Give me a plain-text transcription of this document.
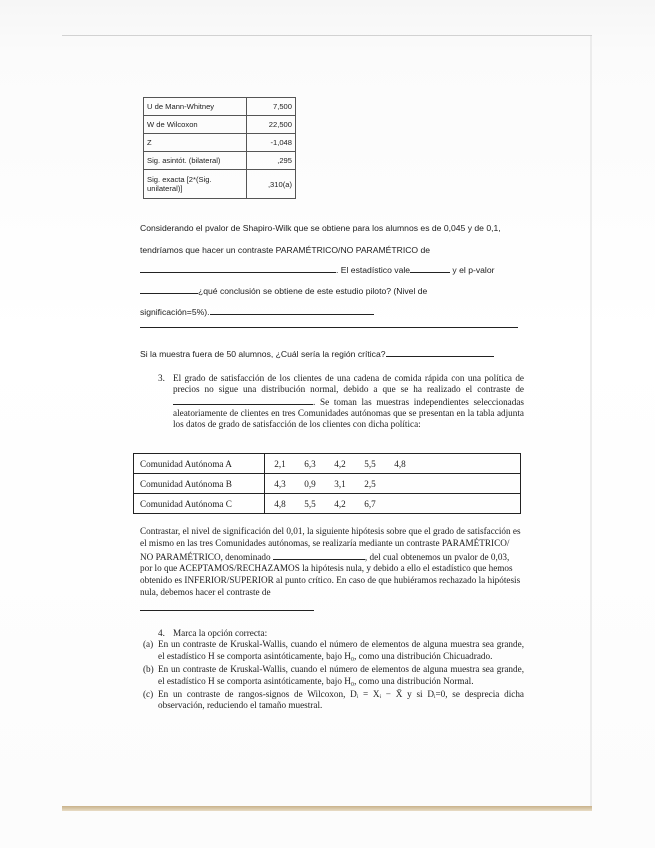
U de Mann-Whitney	7,500
W de Wilcoxon	22,500
Z	-1,048
Sig. asintót. (bilateral)	,295
Sig. exacta [2*(Sig. unilateral)]	,310(a)

Considerando el pvalor de Shapiro-Wilk que se obtiene para los alumnos es de 0,045 y de 0,1,

tendríamos que hacer un contraste PARAMÉTRICO/NO PARAMÉTRICO de

. El estadístico vale	y el p-valor

¿qué conclusión se obtiene de este estudio piloto? (Nivel de

significación=5%).

Si la muestra fuera de 50 alumnos, ¿Cuál sería la región crítica?

3. El grado de satisfacción de los clientes de una cadena de comida rápida con una política de precios no sigue una distribución normal, debido a que se ha realizado el contraste de . Se toman las muestras independientes seleccionadas aleatoriamente de clientes en tres Comunidades autónomas que se presentan en la tabla adjunta los datos de grado de satisfacción de los clientes con dicha política:
Comunidad Autónoma A	2,1	6,3	4,2	5,5	4,8	
Comunidad Autónoma B	4,3	0,9	3,1	2,5		
Comunidad Autónoma C	4,8	5,5	4,2	6,7		
Contrastar, el nivel de significación del 0,01, la siguiente hipótesis sobre que el grado de satisfacción es el mismo en las tres Comunidades autónomas, se realizaría mediante un contraste PARAMÉTRICO/ NO PARAMÉTRICO, denominado	, del cual obtenemos un pvalor de 0,03, por lo que ACEPTAMOS/RECHAZAMOS la hipótesis nula, y debido a ello el estadístico que hemos obtenido es INFERIOR/SUPERIOR al punto crítico. En caso de que hubiéramos rechazado la hipótesis nula, debemos hacer el contraste de
4. Marca la opción correcta:
(a) En un contraste de Kruskal-Wallis, cuando el número de elementos de alguna muestra sea grande, el estadístico H se comporta asintóticamente, bajo H₀, como una distribución Chicuadrado.
(b) En un contraste de Kruskal-Wallis, cuando el número de elementos de alguna muestra sea grande, el estadístico H se comporta asintóticamente, bajo H₀, como una distribución Normal.
(c) En un contraste de rangos-signos de Wilcoxon, Dᵢ = Xᵢ − X̄ y si Dᵢ=0, se desprecia dicha observación, reduciendo el tamaño muestral.
